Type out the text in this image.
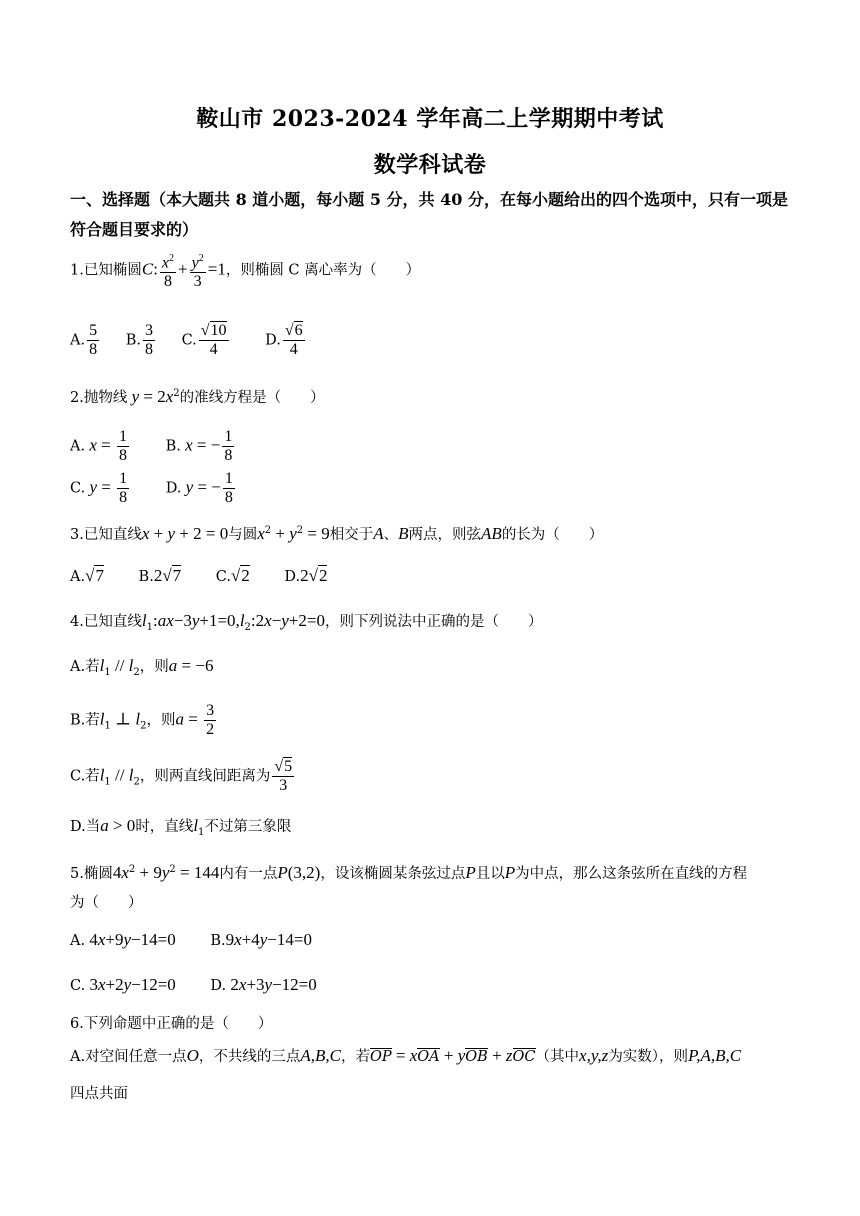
鞍山市 2023-2024 学年高二上学期期中考试
数学科试卷
一、选择题（本大题共 8 道小题，每小题 5 分，共 40 分，在每小题给出的四个选项中，只有一项是符合题目要求的）
1.已知椭圆C: $\frac{x^2}{8} + \frac{y^2}{3} =1$，则椭圆 C 离心率为（　　）
A. $\frac{5}{8} B$. $\frac{3}{8} C$. $\frac{√10}{4}$	D. $\frac{√6}{4}$
2.抛物线 $y = 2x^2$的准线方程是（　　）
A. $x = \frac{1}{8}$	B. x = − $\frac{1}{8}$
C. $y = \frac{1}{8}$	D. y = − $\frac{1}{8}$
3.已知直线x + y + 2 = 0与圆$x^2 + y^2 = 9$相交于A、B两点，则弦AB的长为（　　）
A.√7 B.2√7 C.√2 D.2√2
4.已知直线$l_1:ax-3y+1=0,l_2:2x-y+2=0$，则下列说法中正确的是（　　）
A.若$l_1 // l_2$，则a = −6
B.若$l_1$ ⊥ $l_2$，则$a = \frac{3}{2}$
C.若$l_1 // l_2$，则两直线间距离为 $\frac{√5}{3}$
D.当a > 0时，直线$l_1$不过第三象限
5.椭圆$4x^2 + 9y^2 = 144$内有一点P(3,2)，设该椭圆某条弦过点P且以P为中点，那么这条弦所在直线的方程
为（　　）
A. 4x+9y−14=0 B.9x+4y−14=0
C. 3x+2y−12=0 D. 2x+3y−12=0
6.下列命题中正确的是（　　）
A.对空间任意一点O，不共线的三点A,B,C，若OP = xOA + yOB + zOC（其中x,y,z为实数），则P,A,B,C
四点共面
